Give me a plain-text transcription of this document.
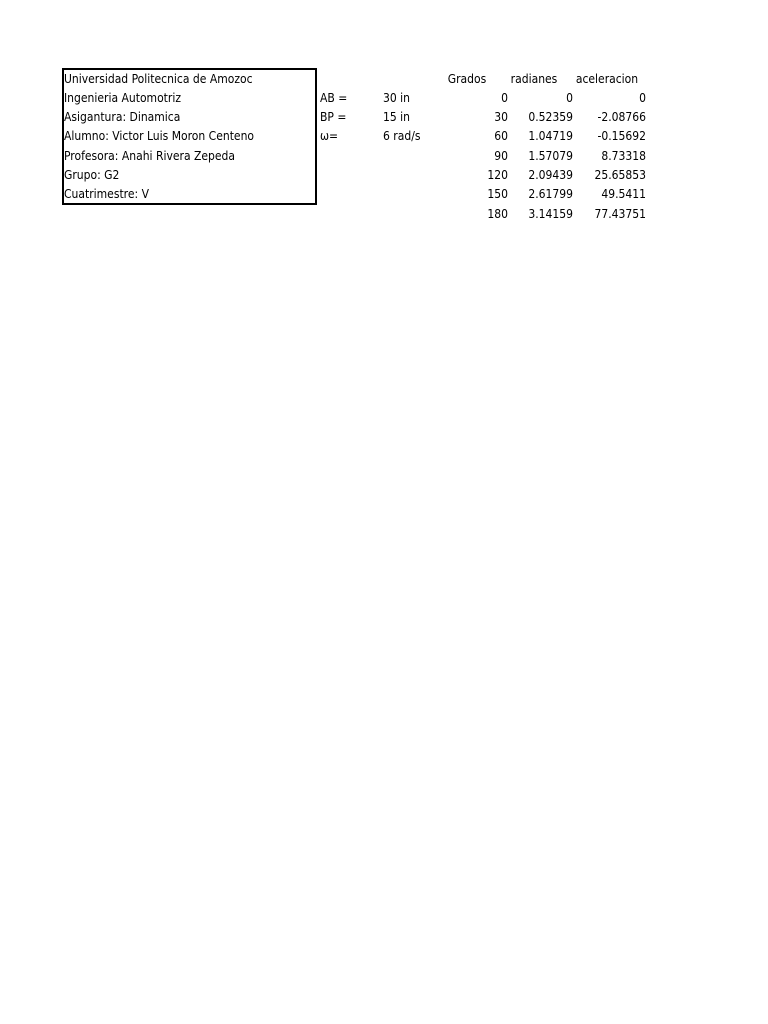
Universidad Politecnica de Amozoc
Ingenieria Automotriz
Asigantura: Dinamica
Alumno: Victor Luis Moron Centeno
Profesora: Anahi Rivera Zepeda
Grupo: G2
Cuatrimestre: V
AB =	30 in
BP =	15 in
ω=	6 rad/s
Grados	radianes	aceleracion
0	0	0
30	0.52359	-2.08766
60	1.04719	-0.15692
90	1.57079	8.73318
120	2.09439	25.65853
150	2.61799	49.5411
180	3.14159	77.43751
